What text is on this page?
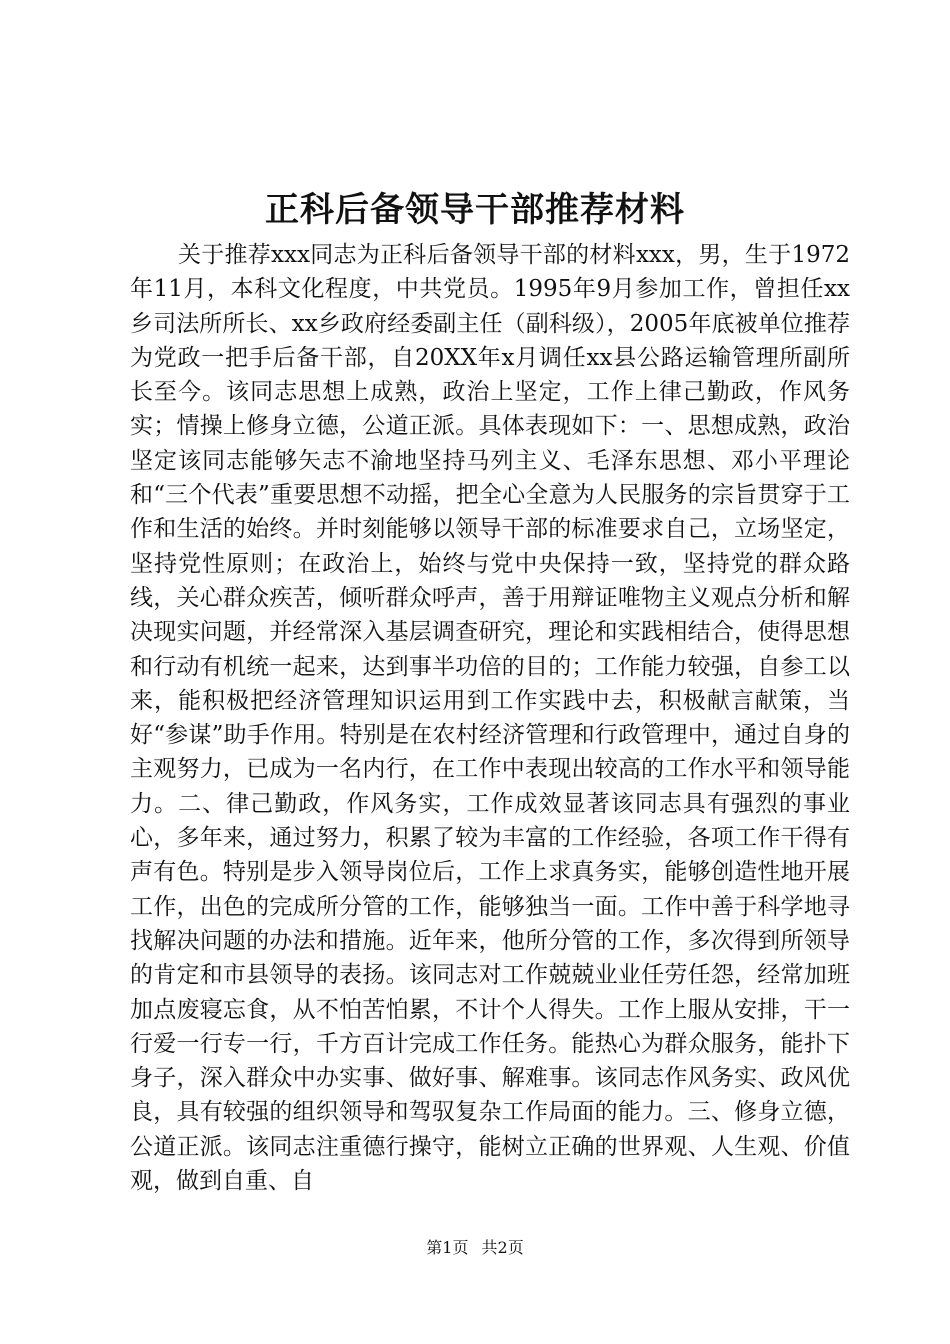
正科后备领导干部推荐材料

关于推荐xxx同志为正科后备领导干部的材料xxx，男，生于1972年11月，本科文化程度，中共党员。1995年9月参加工作，曾担任xx乡司法所所长、xx乡政府经委副主任（副科级），2005年底被单位推荐为党政一把手后备干部，自20XX年x月调任xx县公路运输管理所副所长至今。该同志思想上成熟，政治上坚定，工作上律己勤政，作风务实；情操上修身立德，公道正派。具体表现如下：一、思想成熟，政治坚定该同志能够矢志不渝地坚持马列主义、毛泽东思想、邓小平理论和“三个代表”重要思想不动摇，把全心全意为人民服务的宗旨贯穿于工作和生活的始终。并时刻能够以领导干部的标准要求自己，立场坚定，坚持党性原则；在政治上，始终与党中央保持一致，坚持党的群众路线，关心群众疾苦，倾听群众呼声，善于用辩证唯物主义观点分析和解决现实问题，并经常深入基层调查研究，理论和实践相结合，使得思想和行动有机统一起来，达到事半功倍的目的；工作能力较强，自参工以来，能积极把经济管理知识运用到工作实践中去，积极献言献策，当好“参谋”助手作用。特别是在农村经济管理和行政管理中，通过自身的主观努力，已成为一名内行，在工作中表现出较高的工作水平和领导能力。二、律己勤政，作风务实，工作成效显著该同志具有强烈的事业心，多年来，通过努力，积累了较为丰富的工作经验，各项工作干得有声有色。特别是步入领导岗位后，工作上求真务实，能够创造性地开展工作，出色的完成所分管的工作，能够独当一面。工作中善于科学地寻找解决问题的办法和措施。近年来，他所分管的工作，多次得到所领导的肯定和市县领导的表扬。该同志对工作兢兢业业任劳任怨，经常加班加点废寝忘食，从不怕苦怕累，不计个人得失。工作上服从安排，干一行爱一行专一行，千方百计完成工作任务。能热心为群众服务，能扑下身子，深入群众中办实事、做好事、解难事。该同志作风务实、政风优良，具有较强的组织领导和驾驭复杂工作局面的能力。三、修身立德，公道正派。该同志注重德行操守，能树立正确的世界观、人生观、价值观，做到自重、自

第1页 共2页
